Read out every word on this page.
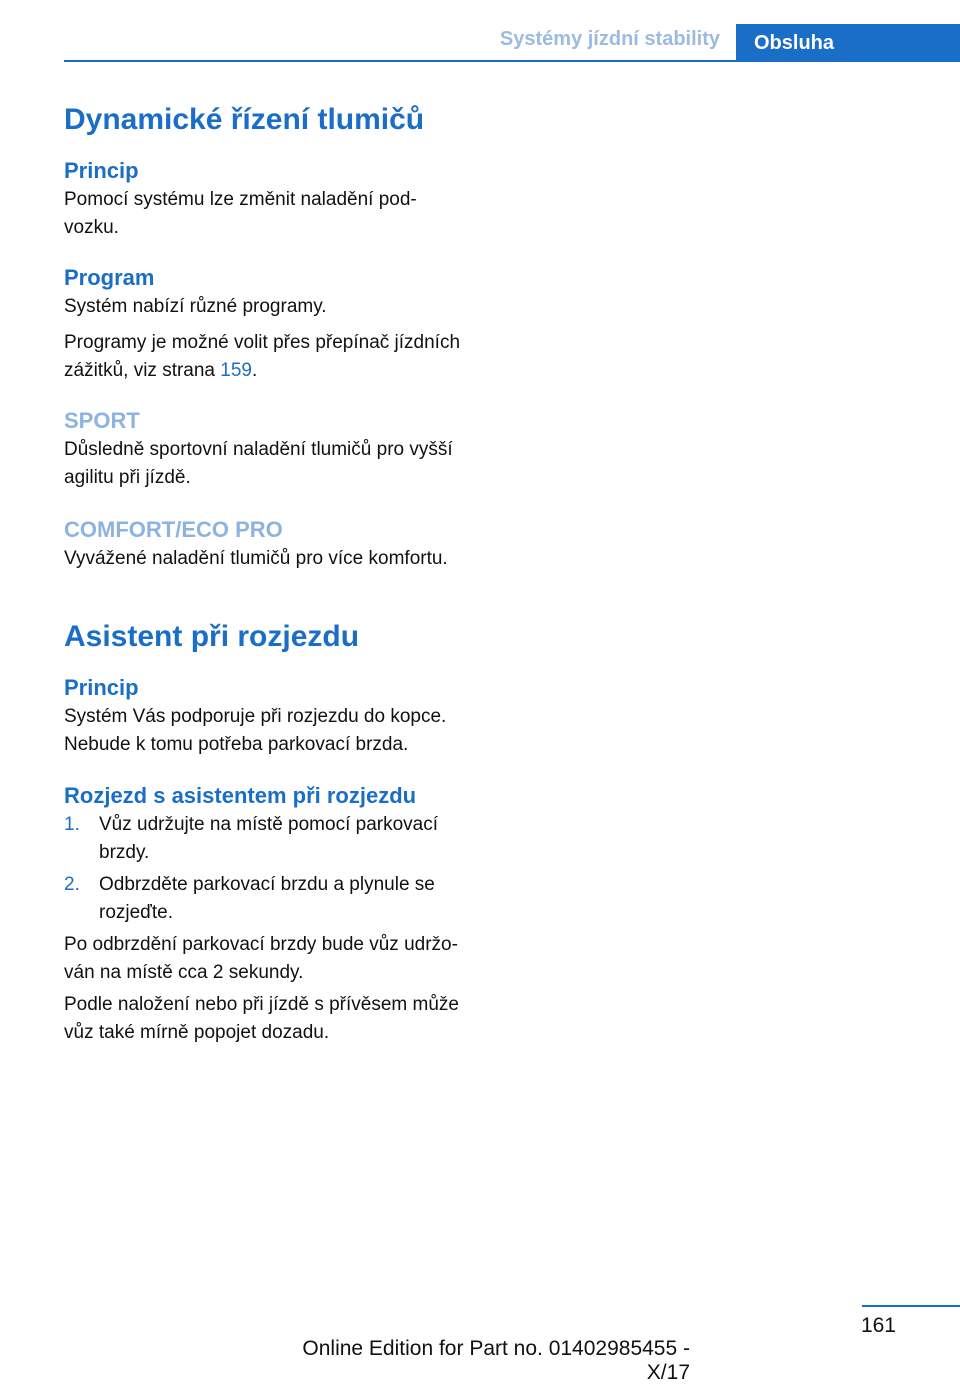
Systémy jízdní stability	Obsluha
Dynamické řízení tlumičů
Princip

Pomocí systému lze změnit naladění pod-
vozku.

Program

Systém nabízí různé programy.

Programy je možné volit přes přepínač jízdních
zážitků, viz strana 159.

SPORT

Důsledně sportovní naladění tlumičů pro vyšší
agilitu při jízdě.

COMFORT/ECO PRO

Vyvážené naladění tlumičů pro více komfortu.

Asistent při rozjezdu
Princip

Systém Vás podporuje při rozjezdu do kopce.
Nebude k tomu potřeba parkovací brzda.

Rozjezd s asistentem při rozjezdu
1.	Vůz udržujte na místě pomocí parkovací
brzdy.
2.	Odbrzděte parkovací brzdu a plynule se
rozjeďte.

Po odbrzdění parkovací brzdy bude vůz udržo-
ván na místě cca 2 sekundy.

Podle naložení nebo při jízdě s přívěsem může
vůz také mírně popojet dozadu.

161
Online Edition for Part no. 01402985455 - X/17
